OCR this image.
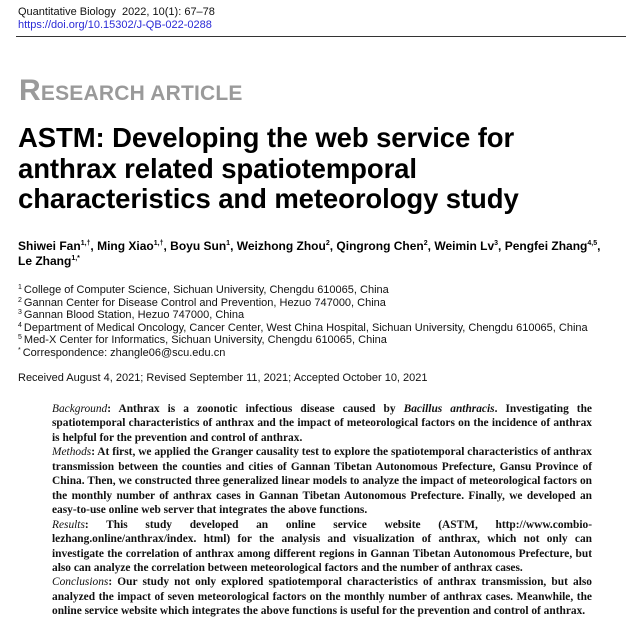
Quantitative Biology  2022, 10(1): 67–78
https://doi.org/10.15302/J-QB-022-0288
RESEARCH ARTICLE
ASTM: Developing the web service for
anthrax related spatiotemporal
characteristics and meteorology study
Shiwei Fan$^{1,\dagger}$, Ming Xiao$^{1,\dagger}$, Boyu Sun$^1$, Weizhong Zhou$^2$, Qingrong Chen$^2$, Weimin Lv$^3$, Pengfei Zhang$^{4,5}$,
Le Zhang$^{1,*}$
$^1$ College of Computer Science, Sichuan University, Chengdu 610065, China
$^2$ Gannan Center for Disease Control and Prevention, Hezuo 747000, China
$^3$ Gannan Blood Station, Hezuo 747000, China
$^4$ Department of Medical Oncology, Cancer Center, West China Hospital, Sichuan University, Chengdu 610065, China
$^5$ Med-X Center for Informatics, Sichuan University, Chengdu 610065, China
* Correspondence: zhangle06@scu.edu.cn
Received August 4, 2021; Revised September 11, 2021; Accepted October 10, 2021

Background: Anthrax is a zoonotic infectious disease caused by Bacillus anthracis. Investigating the spatiotemporal characteristics of anthrax and the impact of meteorological factors on the incidence of anthrax is helpful for the prevention and control of anthrax.

Methods: At first, we applied the Granger causality test to explore the spatiotemporal characteristics of anthrax transmission between the counties and cities of Gannan Tibetan Autonomous Prefecture, Gansu Province of China. Then, we constructed three generalized linear models to analyze the impact of meteorological factors on the monthly number of anthrax cases in Gannan Tibetan Autonomous Prefecture. Finally, we developed an easy-to-use online web server that integrates the above functions.

Results: This study developed an online service website (ASTM, http://www.combio-lezhang.online/anthrax/index. html) for the analysis and visualization of anthrax, which not only can investigate the correlation of anthrax among different regions in Gannan Tibetan Autonomous Prefecture, but also can analyze the correlation between meteorological factors and the number of anthrax cases.

Conclusions: Our study not only explored spatiotemporal characteristics of anthrax transmission, but also analyzed the impact of seven meteorological factors on the monthly number of anthrax cases. Meanwhile, the online service website which integrates the above functions is useful for the prevention and control of anthrax.
